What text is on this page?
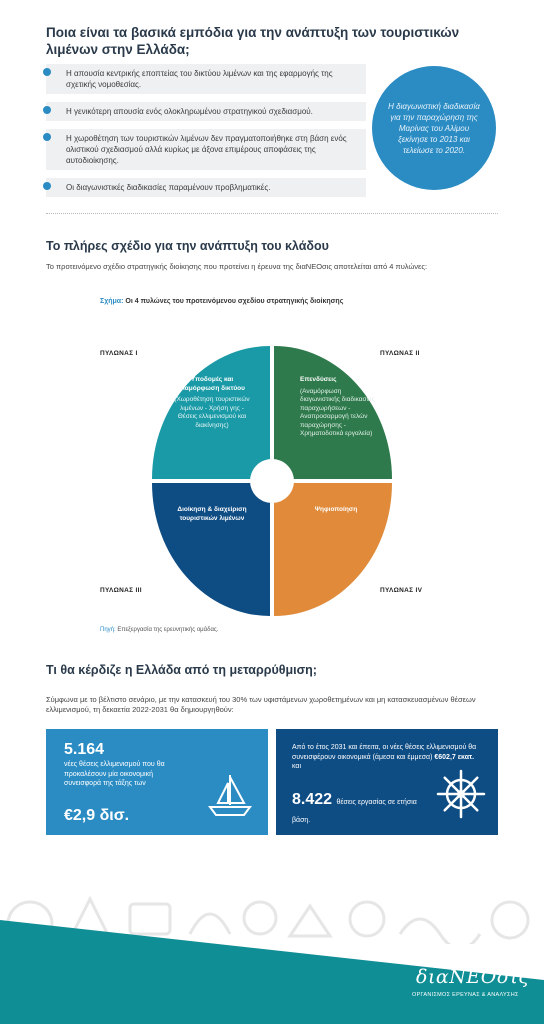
Ποια είναι τα βασικά εμπόδια για την ανάπτυξη των τουριστικών λιμένων στην Ελλάδα;
Η απουσία κεντρικής εποπτείας του δικτύου λιμένων και της εφαρμογής της σχετικής νομοθεσίας.
Η γενικότερη απουσία ενός ολοκληρωμένου στρατηγικού σχεδιασμού.
Η χωροθέτηση των τουριστικών λιμένων δεν πραγματοποιήθηκε στη βάση ενός ολιστικού σχεδιασμού αλλά κυρίως με άξονα επιμέρους αποφάσεις της αυτοδιοίκησης.
Οι διαγωνιστικές διαδικασίες παραμένουν προβληματικές.
Η διαγωνιστική διαδικασία για την παραχώρηση της Μαρίνας του Αλίμου ξεκίνησε το 2013 και τελείωσε το 2020.
Το πλήρες σχέδιο για την ανάπτυξη του κλάδου
Το προτεινόμενο σχέδιο στρατηγικής διοίκησης που προτείνει η έρευνα της διαΝΕΟσις αποτελείται από 4 πυλώνες:
Σχήμα: Οι 4 πυλώνες του προτεινόμενου σχεδίου στρατηγικής διοίκησης
ΠΥΛΩΝΑΣ Ι	ΠΥΛΩΝΑΣ ΙΙ
ΠΥΛΩΝΑΣ ΙΙΙ	ΠΥΛΩΝΑΣ IV
Υποδομές και διαμόρφωση δικτύου
(Χωροθέτηση τουριστικών λιμένων - Χρήση γης - Θέσεις ελλιμενισμού και διακίνησης)
Επενδύσεις
(Αναμόρφωση διαγωνιστικής διαδικασίας παραχωρήσεων - Αναπροσαρμογή τελών παραχώρησης - Χρηματοδοτικά εργαλεία)
Διοίκηση & διαχείριση τουριστικών λιμένων
Ψηφιοποίηση
Πηγή: Επεξεργασία της ερευνητικής ομάδας.
Τι θα κέρδιζε η Ελλάδα από τη μεταρρύθμιση;
Σύμφωνα με το βέλτιστο σενάριο, με την κατασκευή του 30% των υφιστάμενων χωροθετημένων και μη κατασκευασμένων θέσεων ελλιμενισμού, τη δεκαετία 2022-2031 θα δημιουργηθούν:
5.164
νέες θέσεις ελλιμενισμού που θα προκαλέσουν μία οικονομική συνεισφορά της τάξης των
€2,9 δισ.
Από το έτος 2031 και έπειτα, οι νέες θέσεις ελλιμενισμού θα συνεισφέρουν οικονομικά (άμεσα και έμμεσα) €602,7 εκατ. και
8.422 θέσεις εργασίας σε ετήσια βάση.
διαΝΕΟσις
ΟΡΓΑΝΙΣΜΟΣ ΕΡΕΥΝΑΣ & ΑΝΑΛΥΣΗΣ
